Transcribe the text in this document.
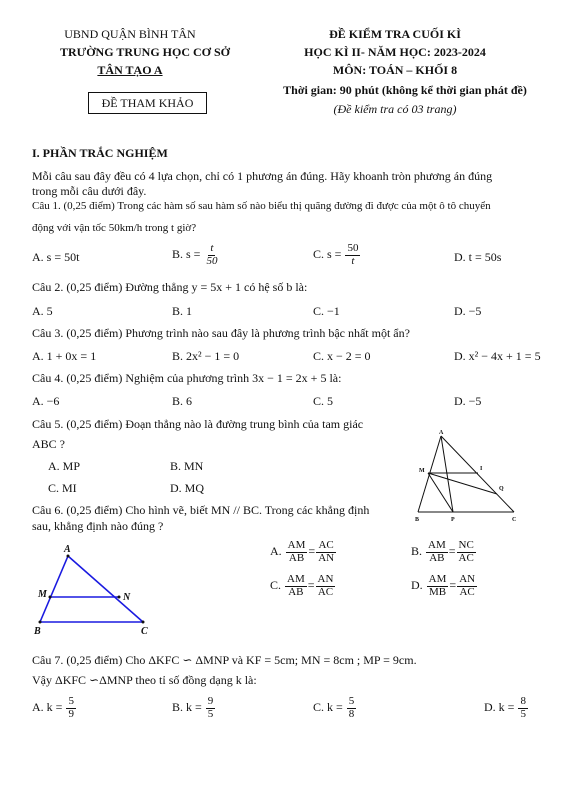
UBND QUẬN BÌNH TÂN
TRƯỜNG TRUNG HỌC CƠ SỞ
TÂN TẠO A
ĐỀ THAM KHẢO
ĐỀ KIỂM TRA CUỐI KÌ
HỌC KÌ II- NĂM HỌC: 2023-2024
MÔN: TOÁN – KHỐI 8
Thời gian: 90 phút (không kể thời gian phát đề)
(Đề kiểm tra có 03 trang)
I. PHẦN TRẮC NGHIỆM
Mỗi câu sau đây đều có 4 lựa chọn, chỉ có 1 phương án đúng. Hãy khoanh tròn phương án đúng
trong mỗi câu dưới đây.
Câu 1. (0,25 điểm) Trong các hàm số sau hàm số nào biểu thị quãng đường đi được của một ô tô chuyển
động với vận tốc 50km/h trong t giờ?
A. s = 50t	B. $s = \frac{t}{50}$	C. $s = \frac{50}{t}$	D. t = 50s
Câu 2. (0,25 điểm) Đường thẳng y = 5x + 1 có hệ số b là:
A. 5	B. 1	C. −1	D. −5
Câu 3. (0,25 điểm) Phương trình nào sau đây là phương trình bậc nhất một ẩn?
A. 1 + 0x = 1	B. 2x² − 1 = 0	C. x − 2 = 0	D. x² − 4x + 1 = 5
Câu 4. (0,25 điểm) Nghiệm của phương trình 3x − 1 = 2x + 5 là:
A. −6	B. 6	C. 5	D. −5
Câu 5. (0,25 điểm) Đoạn thẳng nào là đường trung bình của tam giác
ABC ?
A. MP	B. MN
C. MI	D. MQ
A
M	I
Q
B	P	C
Câu 6. (0,25 điểm) Cho hình vẽ, biết MN // BC. Trong các khẳng định
sau, khẳng định nào đúng ?
A
M	N
B	C
A. $\frac{AM}{AB} = \frac{AC}{AN}$	B. $\frac{AM}{AB} = \frac{NC}{AC}$
C. $\frac{AM}{AB} = \frac{AN}{AC}$	D. $\frac{AM}{MB} = \frac{AN}{AC}$
Câu 7. (0,25 điểm) Cho ΔKFC ∽ ΔMNP và KF = 5cm; MN = 8cm ; MP = 9cm.
Vậy ΔKFC ∽ΔMNP theo tỉ số đồng dạng k là:
A. $k = \frac{5}{9}$	B. $k = \frac{9}{5}$	C. $k = \frac{5}{8}$	D. $k = \frac{8}{5}$
